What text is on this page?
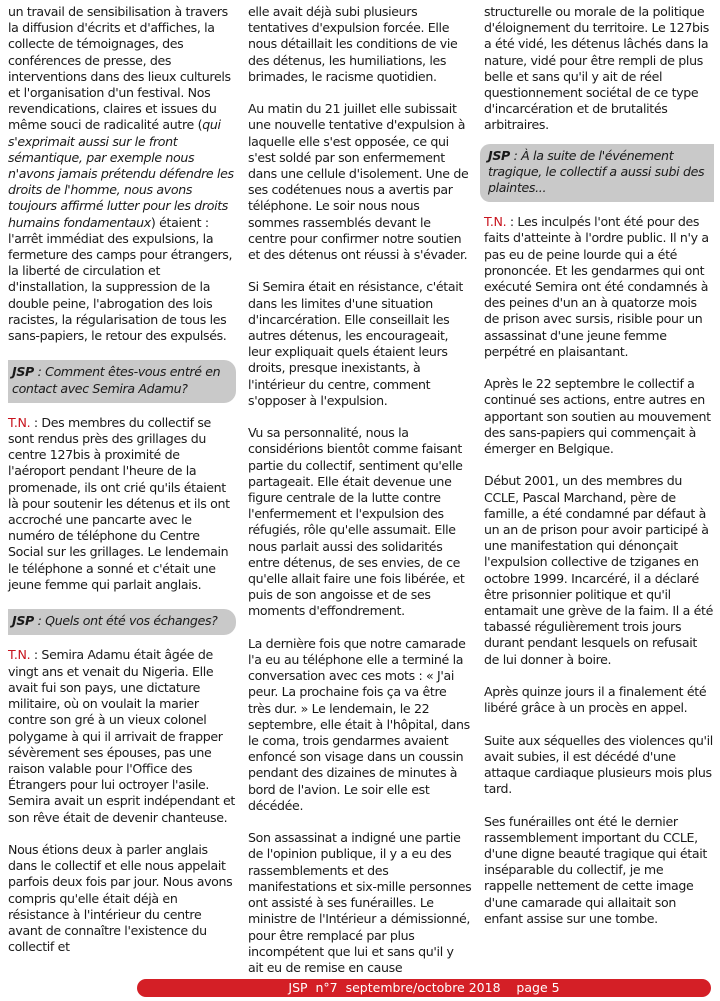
un travail de sensibilisation à travers la diffusion d'écrits et d'affiches, la collecte de témoignages, des conférences de presse, des interventions dans des lieux culturels et l'organisation d'un festival. Nos revendications, claires et issues du même souci de radicalité autre (qui s'exprimait aussi sur le front sémantique, par exemple nous n'avons jamais prétendu défendre les droits de l'homme, nous avons toujours affirmé lutter pour les droits humains fondamentaux) étaient : l'arrêt immédiat des expulsions, la fermeture des camps pour étrangers, la liberté de circulation et d'installation, la suppression de la double peine, l'abrogation des lois racistes, la régularisation de tous les sans-papiers, le retour des expulsés.

JSP : Comment êtes-vous entré en contact avec Semira Adamu?

T.N. : Des membres du collectif se sont rendus près des grillages du centre 127bis à proximité de l'aéroport pendant l'heure de la promenade, ils ont crié qu'ils étaient là pour soutenir les détenus et ils ont accroché une pancarte avec le numéro de téléphone du Centre Social sur les grillages. Le lendemain le téléphone a sonné et c'était une jeune femme qui parlait anglais.

JSP : Quels ont été vos échanges?

T.N. : Semira Adamu était âgée de vingt ans et venait du Nigeria. Elle avait fui son pays, une dictature militaire, où on voulait la marier contre son gré à un vieux colonel polygame à qui il arrivait de frapper sévèrement ses épouses, pas une raison valable pour l'Office des Étrangers pour lui octroyer l'asile. Semira avait un esprit indépendant et son rêve était de devenir chanteuse.

Nous étions deux à parler anglais dans le collectif et elle nous appelait parfois deux fois par jour. Nous avons compris qu'elle était déjà en résistance à l'intérieur du centre avant de connaître l'existence du collectif et

elle avait déjà subi plusieurs tentatives d'expulsion forcée. Elle nous détaillait les conditions de vie des détenus, les humiliations, les brimades, le racisme quotidien.

Au matin du 21 juillet elle subissait une nouvelle tentative d'expulsion à laquelle elle s'est opposée, ce qui s'est soldé par son enfermement dans une cellule d'isolement. Une de ses codétenues nous a avertis par téléphone. Le soir nous nous sommes rassemblés devant le centre pour confirmer notre soutien et des détenus ont réussi à s'évader.

Si Semira était en résistance, c'était dans les limites d'une situation d'incarcération. Elle conseillait les autres détenus, les encourageait, leur expliquait quels étaient leurs droits, presque inexistants, à l'intérieur du centre, comment s'opposer à l'expulsion.

Vu sa personnalité, nous la considérions bientôt comme faisant partie du collectif, sentiment qu'elle partageait. Elle était devenue une figure centrale de la lutte contre l'enfermement et l'expulsion des réfugiés, rôle qu'elle assumait. Elle nous parlait aussi des solidarités entre détenus, de ses envies, de ce qu'elle allait faire une fois libérée, et puis de son angoisse et de ses moments d'effondrement.

La dernière fois que notre camarade l'a eu au téléphone elle a terminé la conversation avec ces mots : « J'ai peur. La prochaine fois ça va être très dur. » Le lendemain, le 22 septembre, elle était à l'hôpital, dans le coma, trois gendarmes avaient enfoncé son visage dans un coussin pendant des dizaines de minutes à bord de l'avion. Le soir elle est décédée.

Son assassinat a indigné une partie de l'opinion publique, il y a eu des rassemblements et des manifestations et six-mille personnes ont assisté à ses funérailles. Le ministre de l'Intérieur a démissionné, pour être remplacé par plus incompétent que lui et sans qu'il y ait eu de remise en cause

structurelle ou morale de la politique d'éloignement du territoire. Le 127bis a été vidé, les détenus lâchés dans la nature, vidé pour être rempli de plus belle et sans qu'il y ait de réel questionnement sociétal de ce type d'incarcération et de brutalités arbitraires.

JSP : À la suite de l'événement tragique, le collectif a aussi subi des plaintes...

T.N. : Les inculpés l'ont été pour des faits d'atteinte à l'ordre public. Il n'y a pas eu de peine lourde qui a été prononcée. Et les gendarmes qui ont exécuté Semira ont été condamnés à des peines d'un an à quatorze mois de prison avec sursis, risible pour un assassinat d'une jeune femme perpétré en plaisantant.

Après le 22 septembre le collectif a continué ses actions, entre autres en apportant son soutien au mouvement des sans-papiers qui commençait à émerger en Belgique.

Début 2001, un des membres du CCLE, Pascal Marchand, père de famille, a été condamné par défaut à un an de prison pour avoir participé à une manifestation qui dénonçait l'expulsion collective de tziganes en octobre 1999. Incarcéré, il a déclaré être prisonnier politique et qu'il entamait une grève de la faim. Il a été tabassé régulièrement trois jours durant pendant lesquels on refusait de lui donner à boire.

Après quinze jours il a finalement été libéré grâce à un procès en appel.

Suite aux séquelles des violences qu'il avait subies, il est décédé d'une attaque cardiaque plusieurs mois plus tard.

Ses funérailles ont été le dernier rassemblement important du CCLE, d'une digne beauté tragique qui était inséparable du collectif, je me rappelle nettement de cette image d'une camarade qui allaitait son enfant assise sur une tombe.

JSP  n°7  septembre/octobre 2018    page 5
